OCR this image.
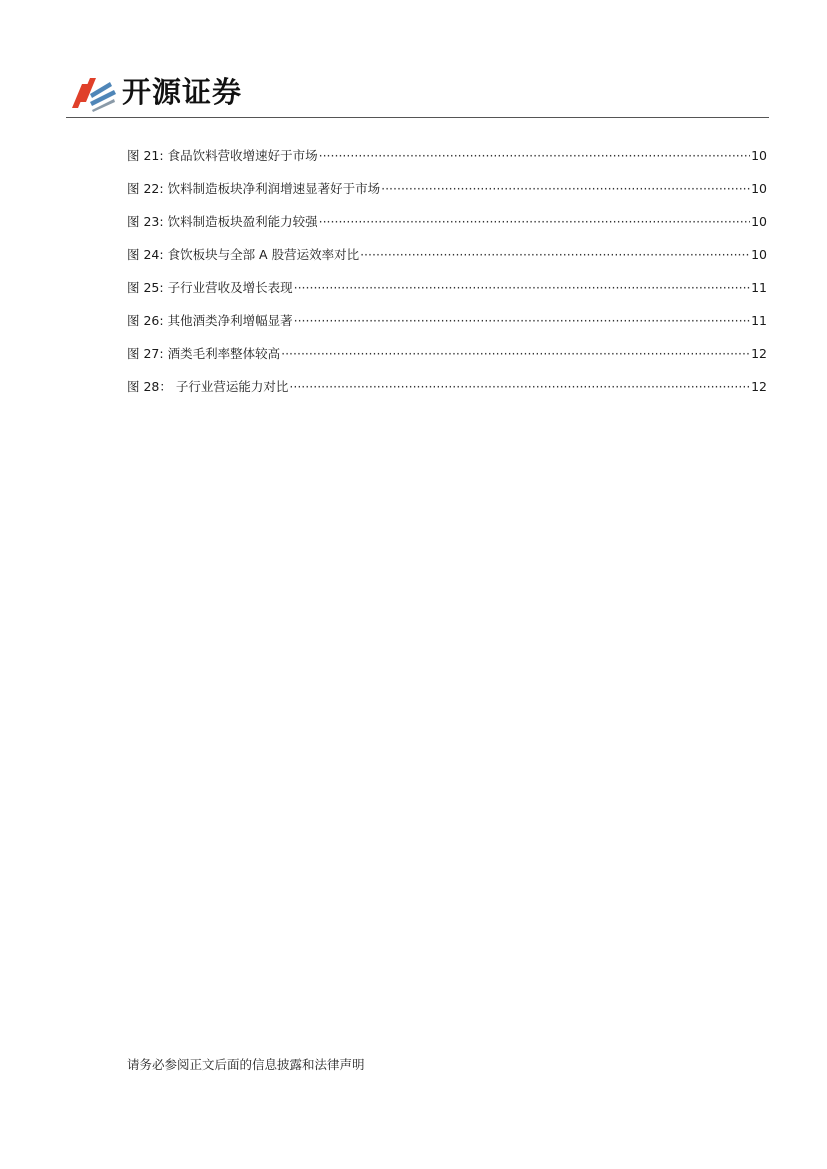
开源证券
图 21: 食品饮料营收增速好于市场 ·····	10
图 22: 饮料制造板块净利润增速显著好于市场 ·····	10
图 23: 饮料制造板块盈利能力较强 ·····	10
图 24: 食饮板块与全部 A 股营运效率对比 ·····	10
图 25: 子行业营收及增长表现 ·····	11
图 26: 其他酒类净利增幅显著 ·····	11
图 27: 酒类毛利率整体较高 ·····	12
图 28： 子行业营运能力对比 ·····	12
请务必参阅正文后面的信息披露和法律声明
